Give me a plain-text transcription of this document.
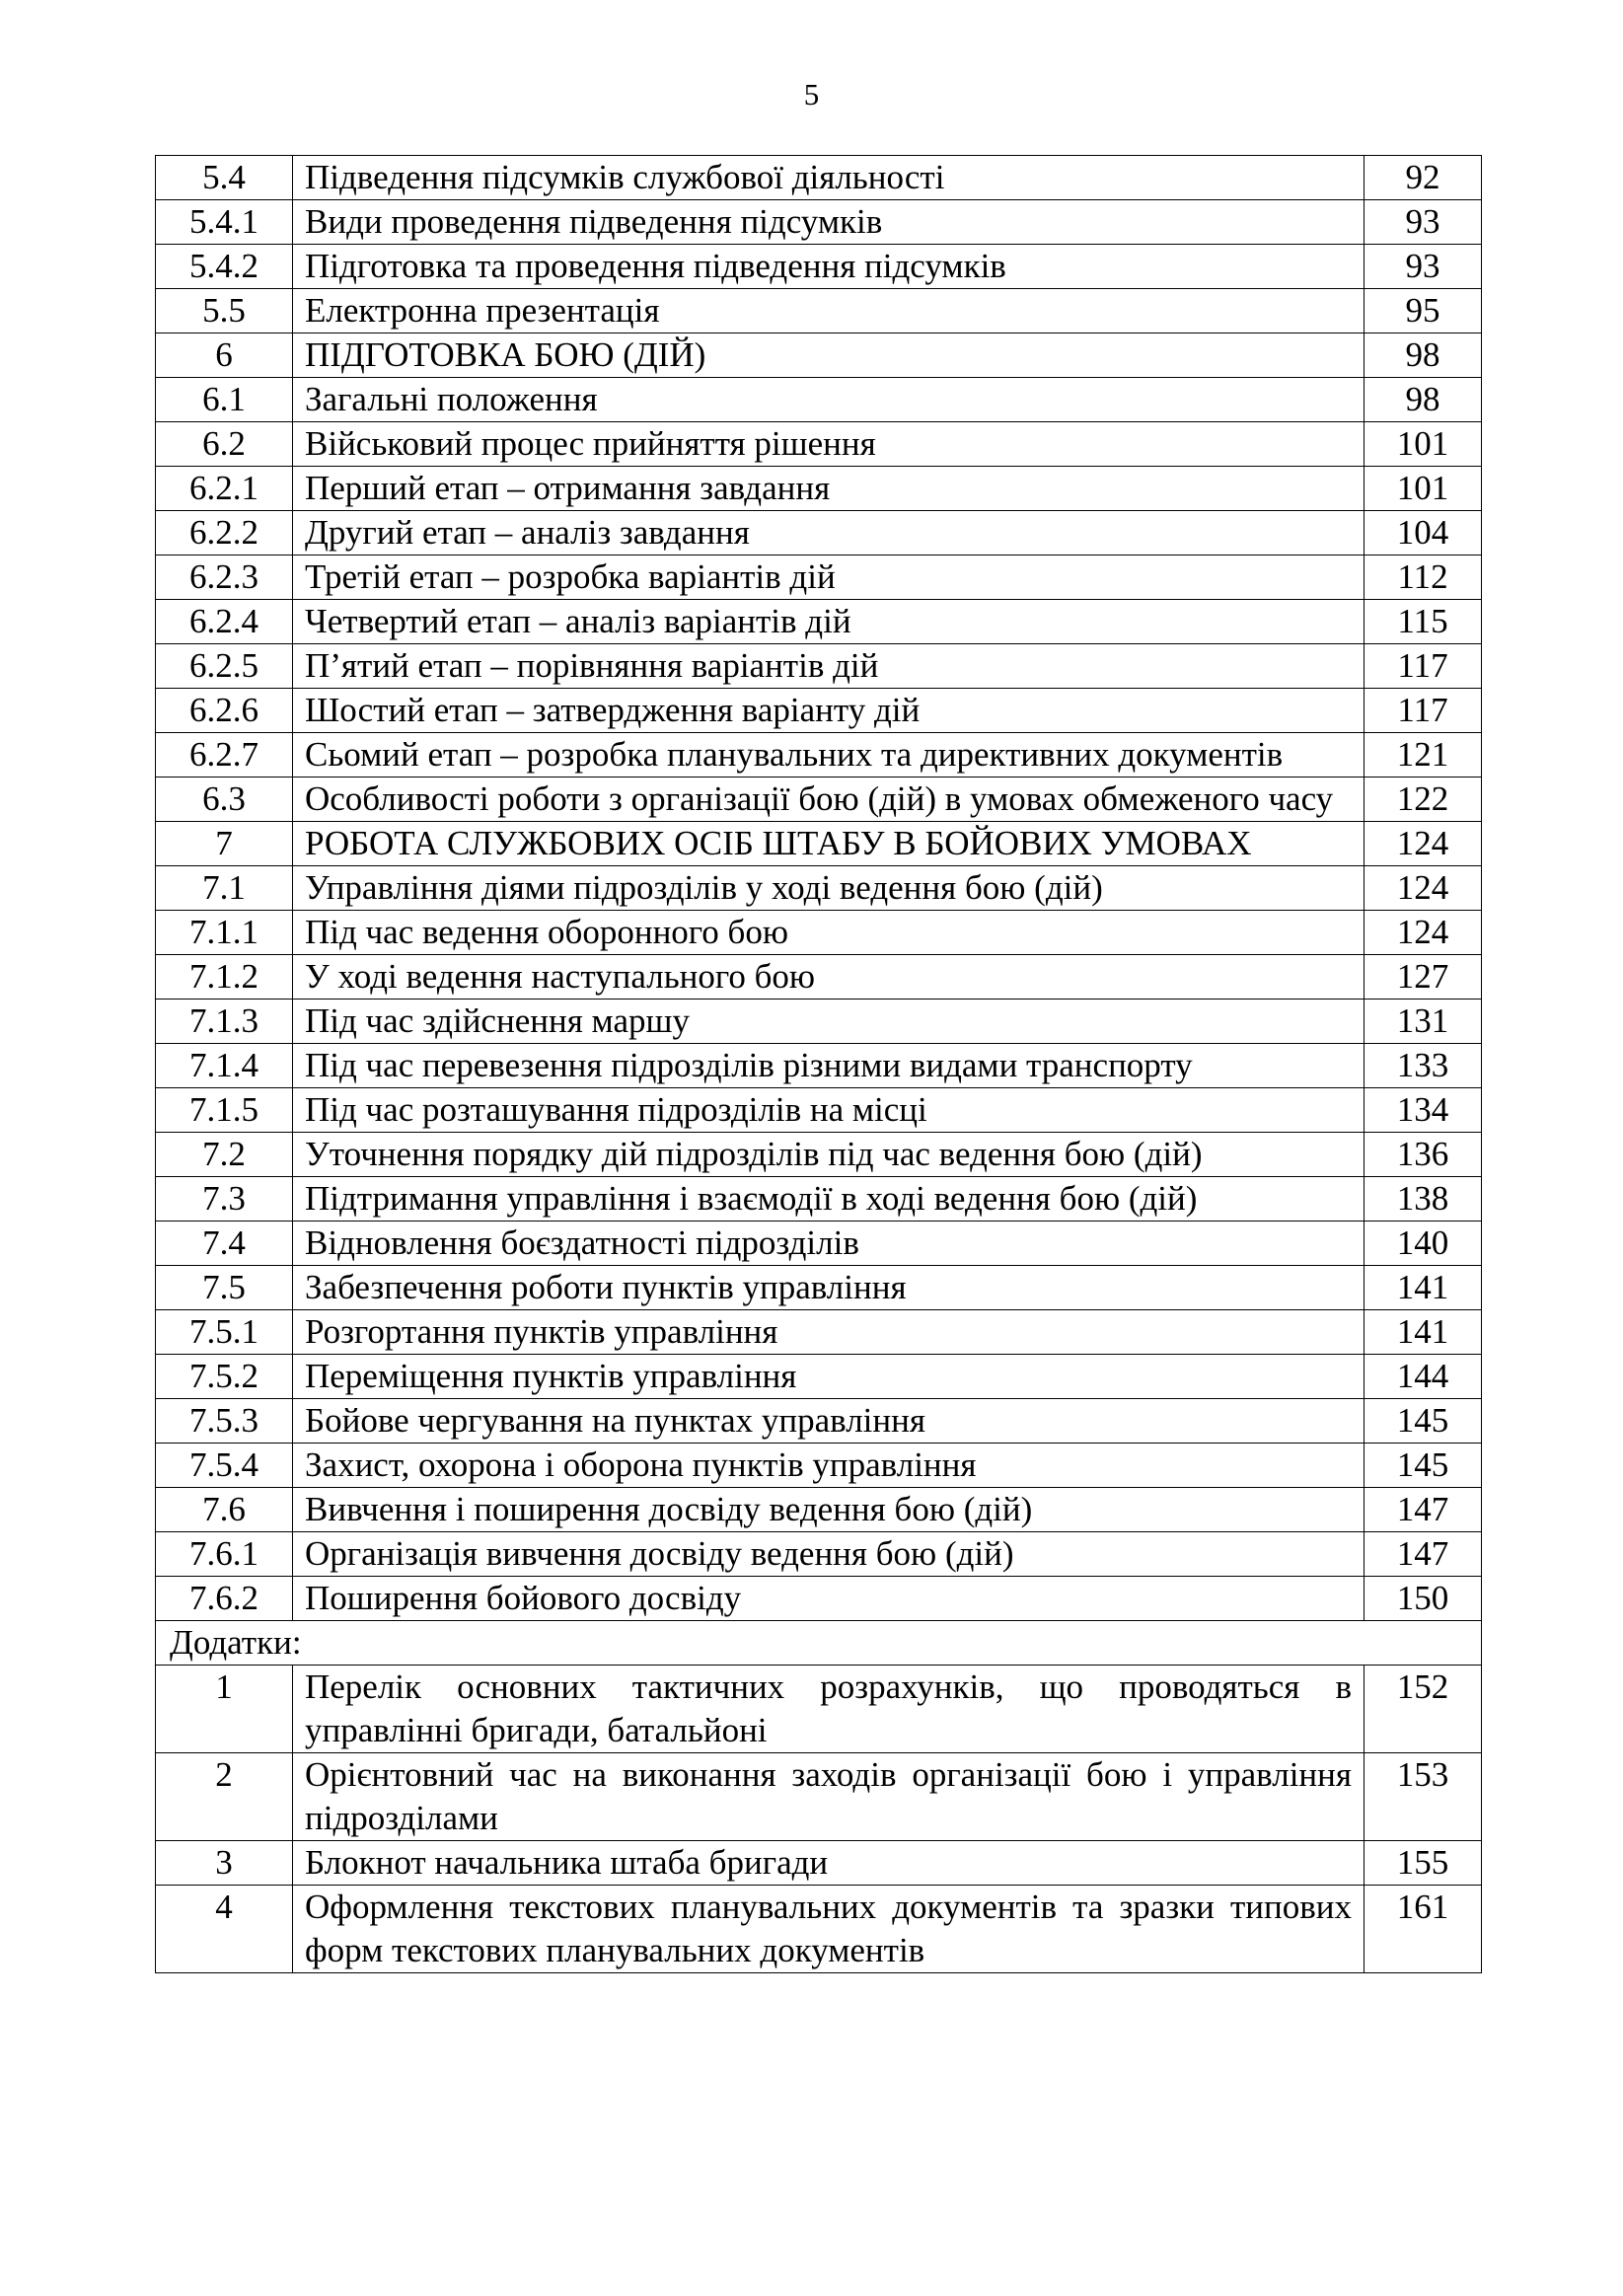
5
5.4	Підведення підсумків службової діяльності	92
5.4.1	Види проведення підведення підсумків	93
5.4.2	Підготовка та проведення підведення підсумків	93
5.5	Електронна презентація	95
6	ПІДГОТОВКА БОЮ (ДІЙ)	98
6.1	Загальні положення	98
6.2	Військовий процес прийняття рішення	101
6.2.1	Перший етап – отримання завдання	101
6.2.2	Другий етап – аналіз завдання	104
6.2.3	Третій етап – розробка варіантів дій	112
6.2.4	Четвертий етап – аналіз варіантів дій	115
6.2.5	П’ятий етап – порівняння варіантів дій	117
6.2.6	Шостий етап – затвердження варіанту дій	117
6.2.7	Сьомий етап – розробка планувальних та директивних документів	121
6.3	Особливості роботи з організації бою (дій) в умовах обмеженого часу	122
7	РОБОТА СЛУЖБОВИХ ОСІБ ШТАБУ В БОЙОВИХ УМОВАХ	124
7.1	Управління діями підрозділів у ході ведення бою (дій)	124
7.1.1	Під час ведення оборонного бою	124
7.1.2	У ході ведення наступального бою	127
7.1.3	Під час здійснення маршу	131
7.1.4	Під час перевезення підрозділів різними видами транспорту	133
7.1.5	Під час розташування підрозділів на місці	134
7.2	Уточнення порядку дій підрозділів під час ведення бою (дій)	136
7.3	Підтримання управління і взаємодії в ході ведення бою (дій)	138
7.4	Відновлення боєздатності підрозділів	140
7.5	Забезпечення роботи пунктів управління	141
7.5.1	Розгортання пунктів управління	141
7.5.2	Переміщення пунктів управління	144
7.5.3	Бойове чергування на пунктах управління	145
7.5.4	Захист, охорона і оборона пунктів управління	145
7.6	Вивчення і поширення досвіду ведення бою (дій)	147
7.6.1	Організація вивчення досвіду ведення бою (дій)	147
7.6.2	Поширення бойового досвіду	150
Додатки:		
1	Перелік основних тактичних розрахунків, що проводяться в управлінні бригади, батальйоні	152
2	Орієнтовний час на виконання заходів організації бою і управління підрозділами	153
3	Блокнот начальника штаба бригади	155
4	Оформлення текстових планувальних документів та зразки типових форм текстових планувальних документів	161
